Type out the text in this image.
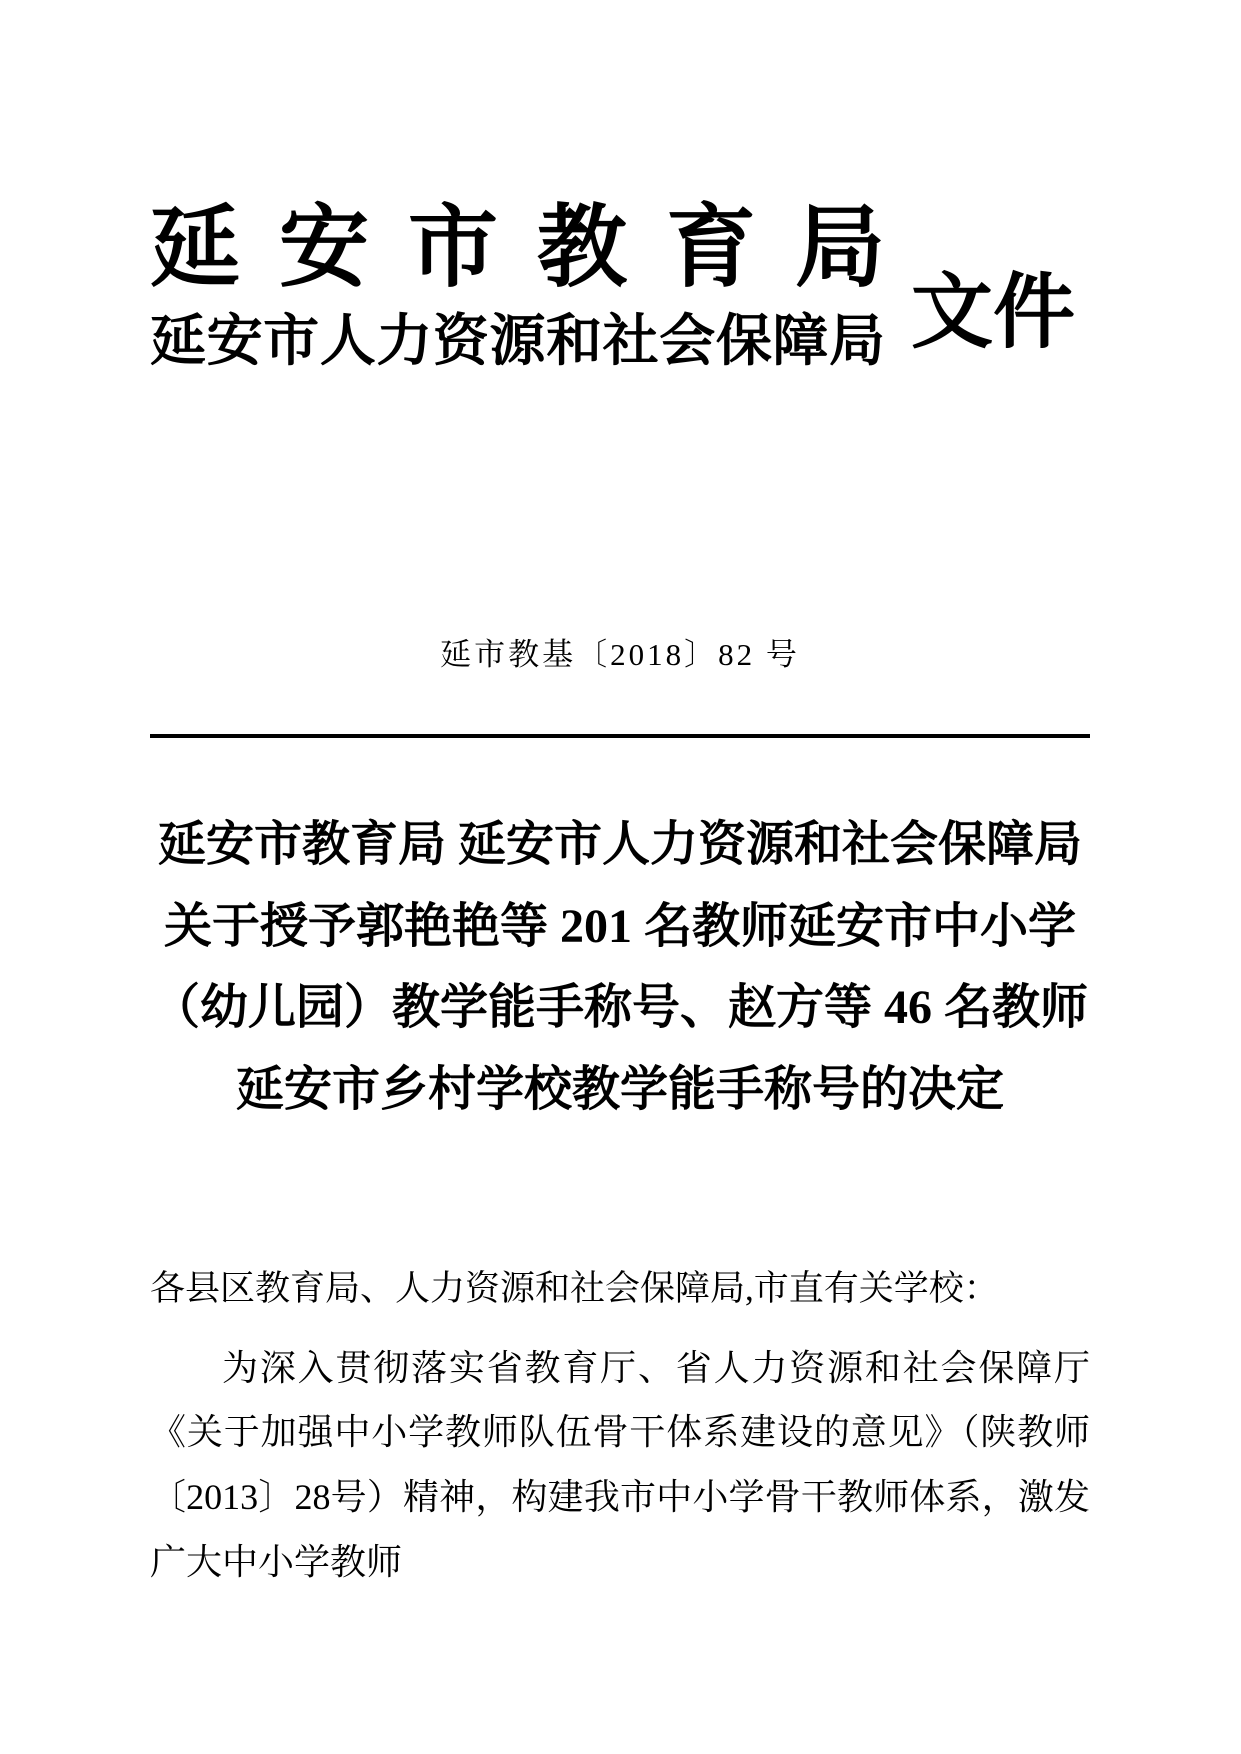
延 安 市 教 育 局
延安市人力资源和社会保障局 文件
延市教基〔2018〕82 号
延安市教育局 延安市人力资源和社会保障局
关于授予郭艳艳等 201 名教师延安市中小学
（幼儿园）教学能手称号、赵方等 46 名教师
延安市乡村学校教学能手称号的决定

各县区教育局、人力资源和社会保障局,市直有关学校：

为深入贯彻落实省教育厅、省人力资源和社会保障厅《关于加强中小学教师队伍骨干体系建设的意见》（陕教师〔2013〕28号）精神，构建我市中小学骨干教师体系，激发广大中小学教师
